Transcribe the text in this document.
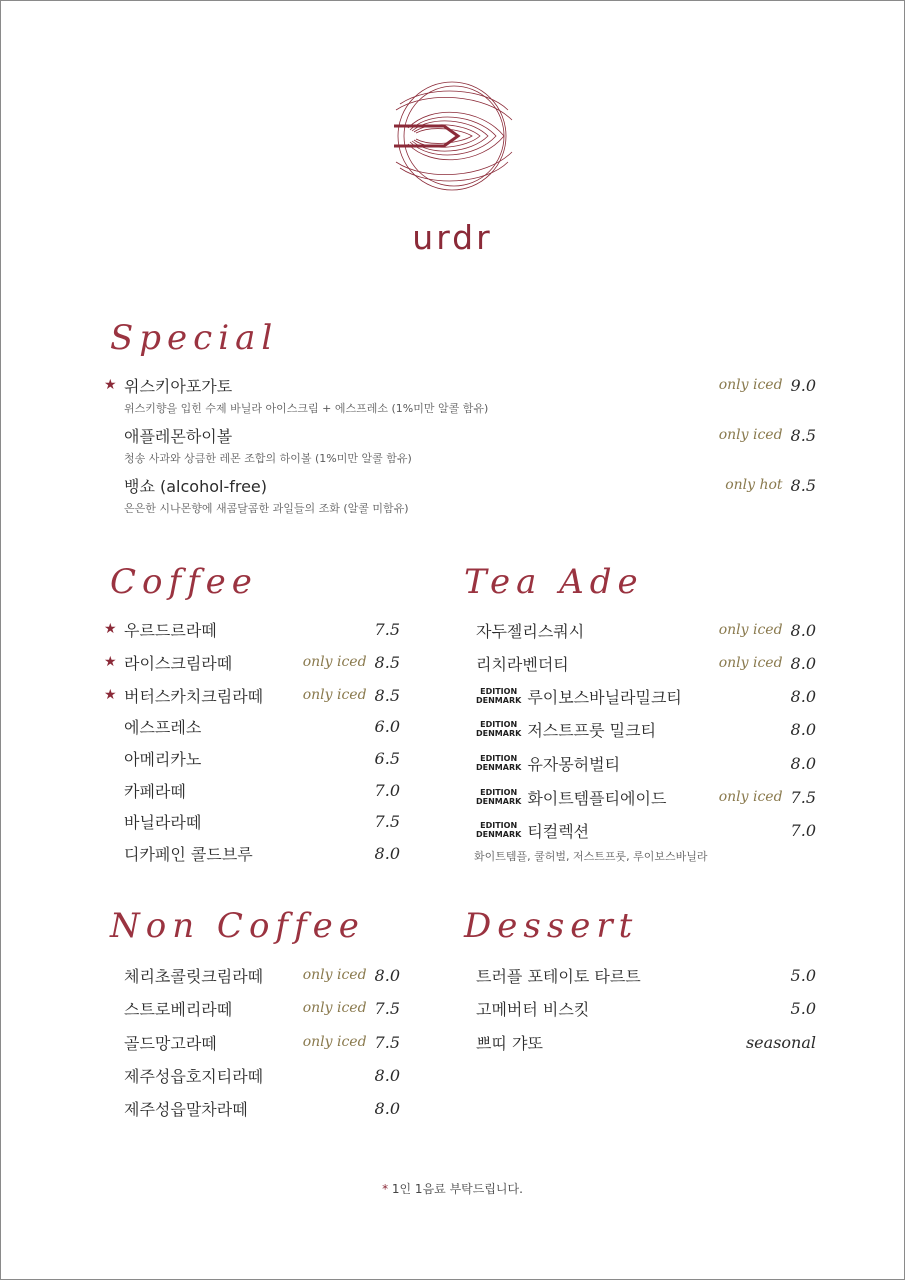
urdr
Special
★ 위스키아포가토	only iced 9.0
위스키향을 입힌 수제 바닐라 아이스크림 + 에스프레소 (1%미만 알콜 함유)
애플레몬하이볼	only iced 8.5
청송 사과와 상큼한 레몬 조합의 하이볼 (1%미만 알콜 함유)
뱅쇼 (alcohol-free)	only hot 8.5
은은한 시나몬향에 새콤달콤한 과일들의 조화 (알콜 미함유)
Coffee
★ 우르드르라떼	7.5
★ 라이스크림라떼	only iced 8.5
★ 버터스카치크림라떼	only iced 8.5
에스프레소	6.0
아메리카노	6.5
카페라떼	7.0
바닐라라떼	7.5
디카페인 콜드브루	8.0
Tea Ade
자두젤리스쿼시	only iced 8.0
리치라벤더티	only iced 8.0
EDITION
DENMARK 루이보스바닐라밀크티	8.0
EDITION
DENMARK 저스트프룻 밀크티	8.0
EDITION
DENMARK 유자몽허벌티	8.0
EDITION
DENMARK 화이트템플티에이드	only iced 7.5
EDITION
DENMARK 티컬렉션	7.0
화이트템플, 쿨허벌, 저스트프룻, 루이보스바닐라
Non Coffee
체리초콜릿크림라떼	only iced 8.0
스트로베리라떼	only iced 7.5
골드망고라떼	only iced 7.5
제주성읍호지티라떼	8.0
제주성읍말차라떼	8.0
Dessert
트러플 포테이토 타르트	5.0
고메버터 비스킷	5.0
쁘띠 갸또	seasonal
* 1인 1음료 부탁드립니다.
